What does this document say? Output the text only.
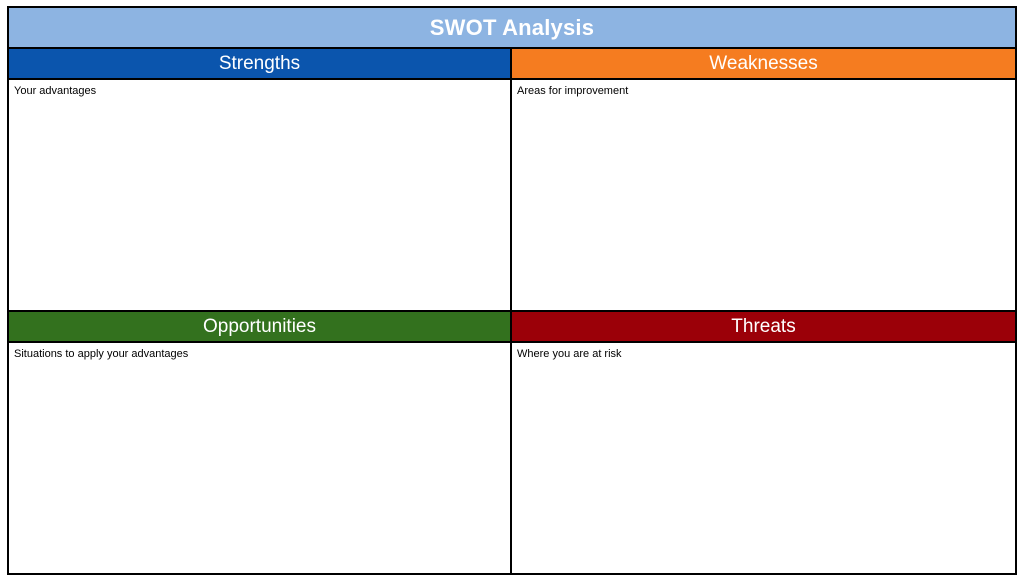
SWOT Analysis
Strengths
Your advantages
Weaknesses
Areas for improvement
Opportunities
Situations to apply your advantages
Threats
Where you are at risk
